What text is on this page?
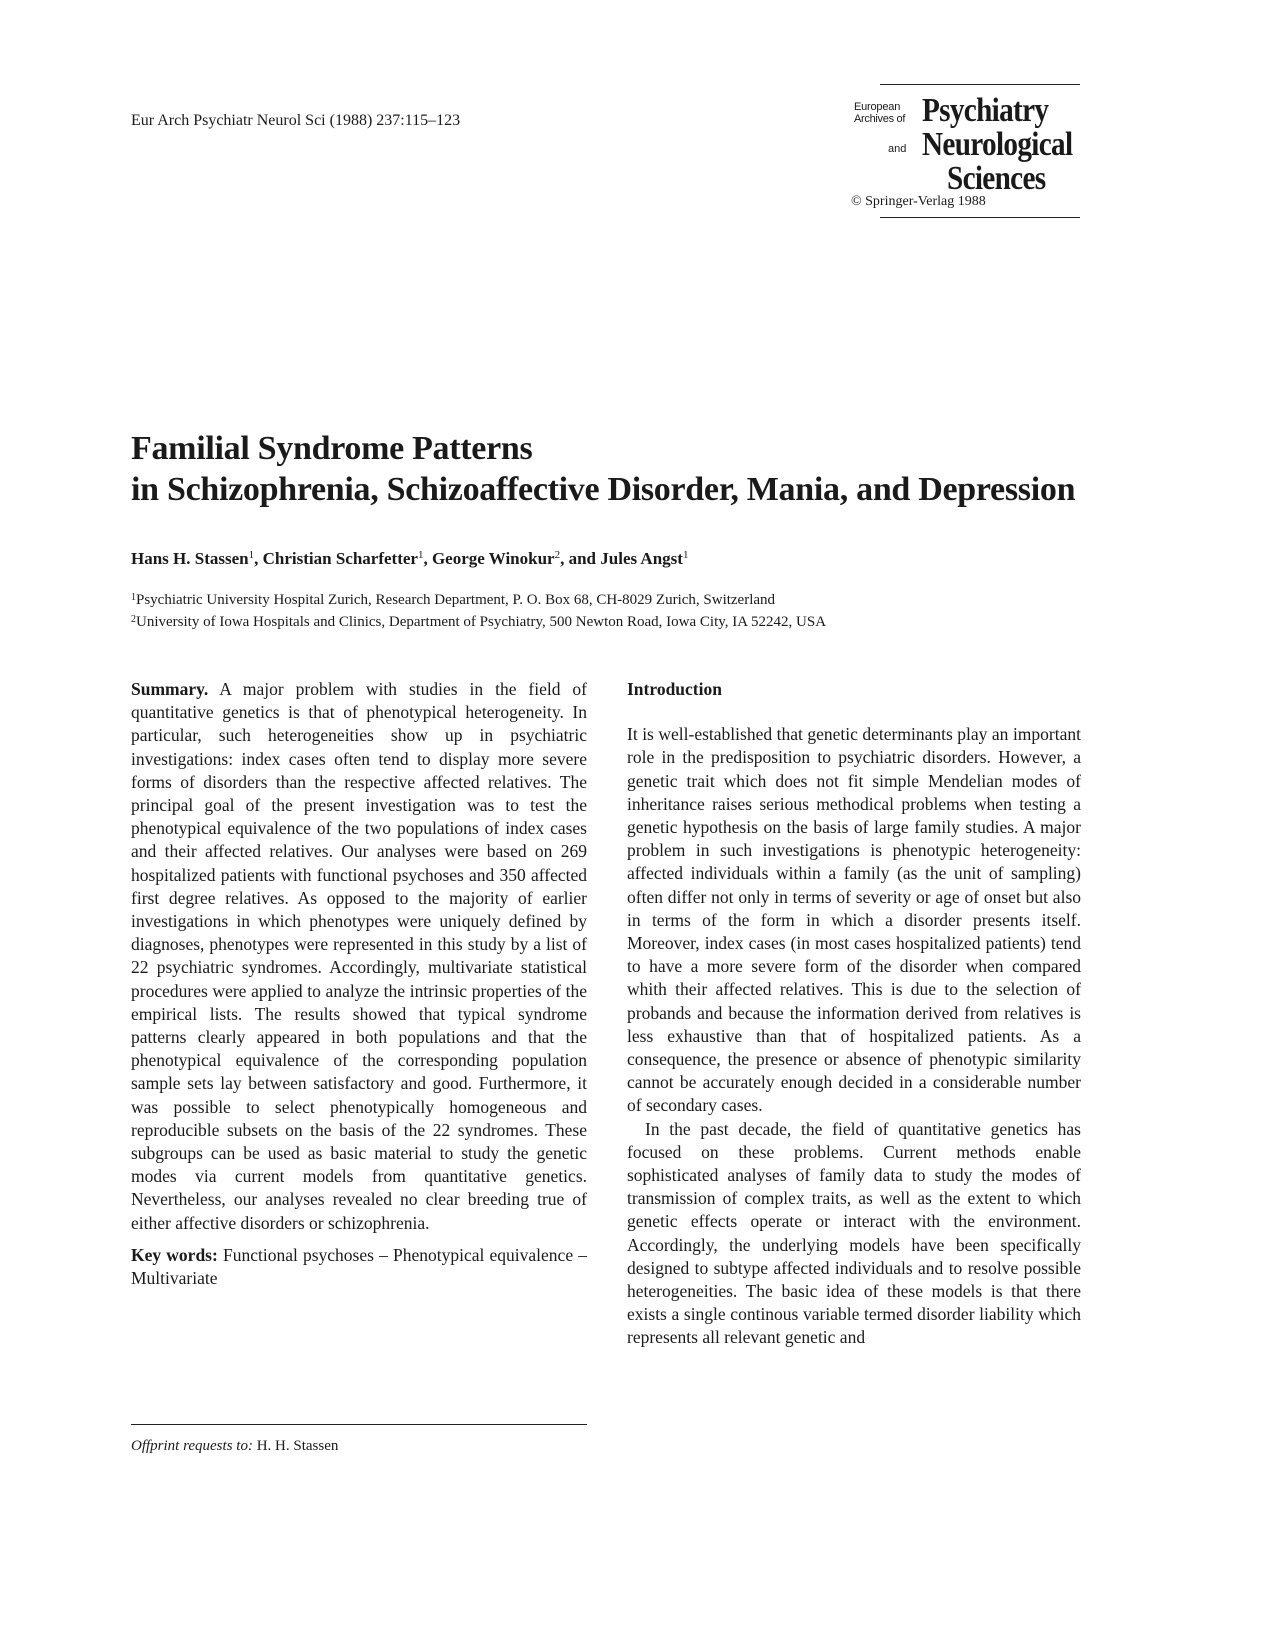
Eur Arch Psychiatr Neurol Sci (1988) 237:115–123
European
Archives of Psychiatry
and Neurological
Sciences
© Springer-Verlag 1988
Familial Syndrome Patterns
in Schizophrenia, Schizoaffective Disorder, Mania, and Depression
Hans H. Stassen$^1$, Christian Scharfetter$^1$, George Winokur$^2$, and Jules Angst$^1$
$^1$Psychiatric University Hospital Zurich, Research Department, P. O. Box 68, CH-8029 Zurich, Switzerland
$^2$University of Iowa Hospitals and Clinics, Department of Psychiatry, 500 Newton Road, Iowa City, IA 52242, USA

Summary. A major problem with studies in the field of quantitative genetics is that of phenotypical heterogeneity. In particular, such heterogeneities show up in psychiatric investigations: index cases often tend to display more severe forms of disorders than the respective affected relatives. The principal goal of the present investigation was to test the phenotypical equivalence of the two populations of index cases and their affected relatives. Our analyses were based on 269 hospitalized patients with functional psychoses and 350 affected first degree relatives. As opposed to the majority of earlier investigations in which phenotypes were uniquely defined by diagnoses, phenotypes were represented in this study by a list of 22 psychiatric syndromes. Accordingly, multivariate statistical procedures were applied to analyze the intrinsic properties of the empirical lists. The results showed that typical syndrome patterns clearly appeared in both populations and that the phenotypical equivalence of the corresponding population sample sets lay between satisfactory and good. Furthermore, it was possible to select phenotypically homogeneous and reproducible subsets on the basis of the 22 syndromes. These subgroups can be used as basic material to study the genetic modes via current models from quantitative genetics. Nevertheless, our analyses revealed no clear breeding true of either affective disorders or schizophrenia.

Key words: Functional psychoses – Phenotypical equivalence – Multivariate

Offprint requests to: H. H. Stassen

Introduction

It is well-established that genetic determinants play an important role in the predisposition to psychiatric disorders. However, a genetic trait which does not fit simple Mendelian modes of inheritance raises serious methodical problems when testing a genetic hypothesis on the basis of large family studies. A major problem in such investigations is phenotypic heterogeneity: affected individuals within a family (as the unit of sampling) often differ not only in terms of severity or age of onset but also in terms of the form in which a disorder presents itself. Moreover, index cases (in most cases hospitalized patients) tend to have a more severe form of the disorder when compared whith their affected relatives. This is due to the selection of probands and because the information derived from relatives is less exhaustive than that of hospitalized patients. As a consequence, the presence or absence of phenotypic similarity cannot be accurately enough decided in a considerable number of secondary cases.

In the past decade, the field of quantitative genetics has focused on these problems. Current methods enable sophisticated analyses of family data to study the modes of transmission of complex traits, as well as the extent to which genetic effects operate or interact with the environment. Accordingly, the underlying models have been specifically designed to subtype affected individuals and to resolve possible heterogeneities. The basic idea of these models is that there exists a single continous variable termed disorder liability which represents all relevant genetic and
